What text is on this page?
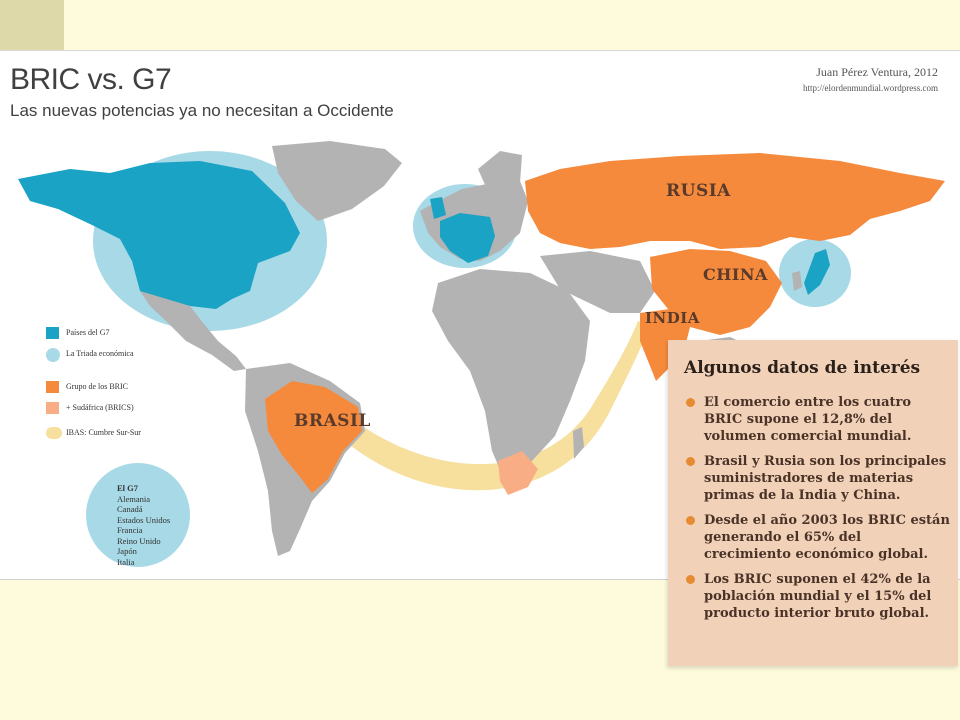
BRIC vs. G7

Las nuevas potencias ya no necesitan a Occidente

Juan Pérez Ventura, 2012
http://elordenmundial.wordpress.com
RUSIA
CHINA
INDIA
BRASIL
Países del G7
La Triada económica
Grupo de los BRIC
+ Sudáfrica (BRICS)
IBAS: Cumbre Sur-Sur
El G7
Alemania
Canadá
Estados Unidos
Francia
Reino Unido
Japón
Italia
Algunos datos de interés
El comercio entre los cuatro BRIC supone el 12,8% del volumen comercial mundial.
Brasil y Rusia son los principales suministradores de materias primas de la India y China.
Desde el año 2003 los BRIC están generando el 65% del crecimiento económico global.
Los BRIC suponen el 42% de la población mundial y el 15% del producto interior bruto global.
